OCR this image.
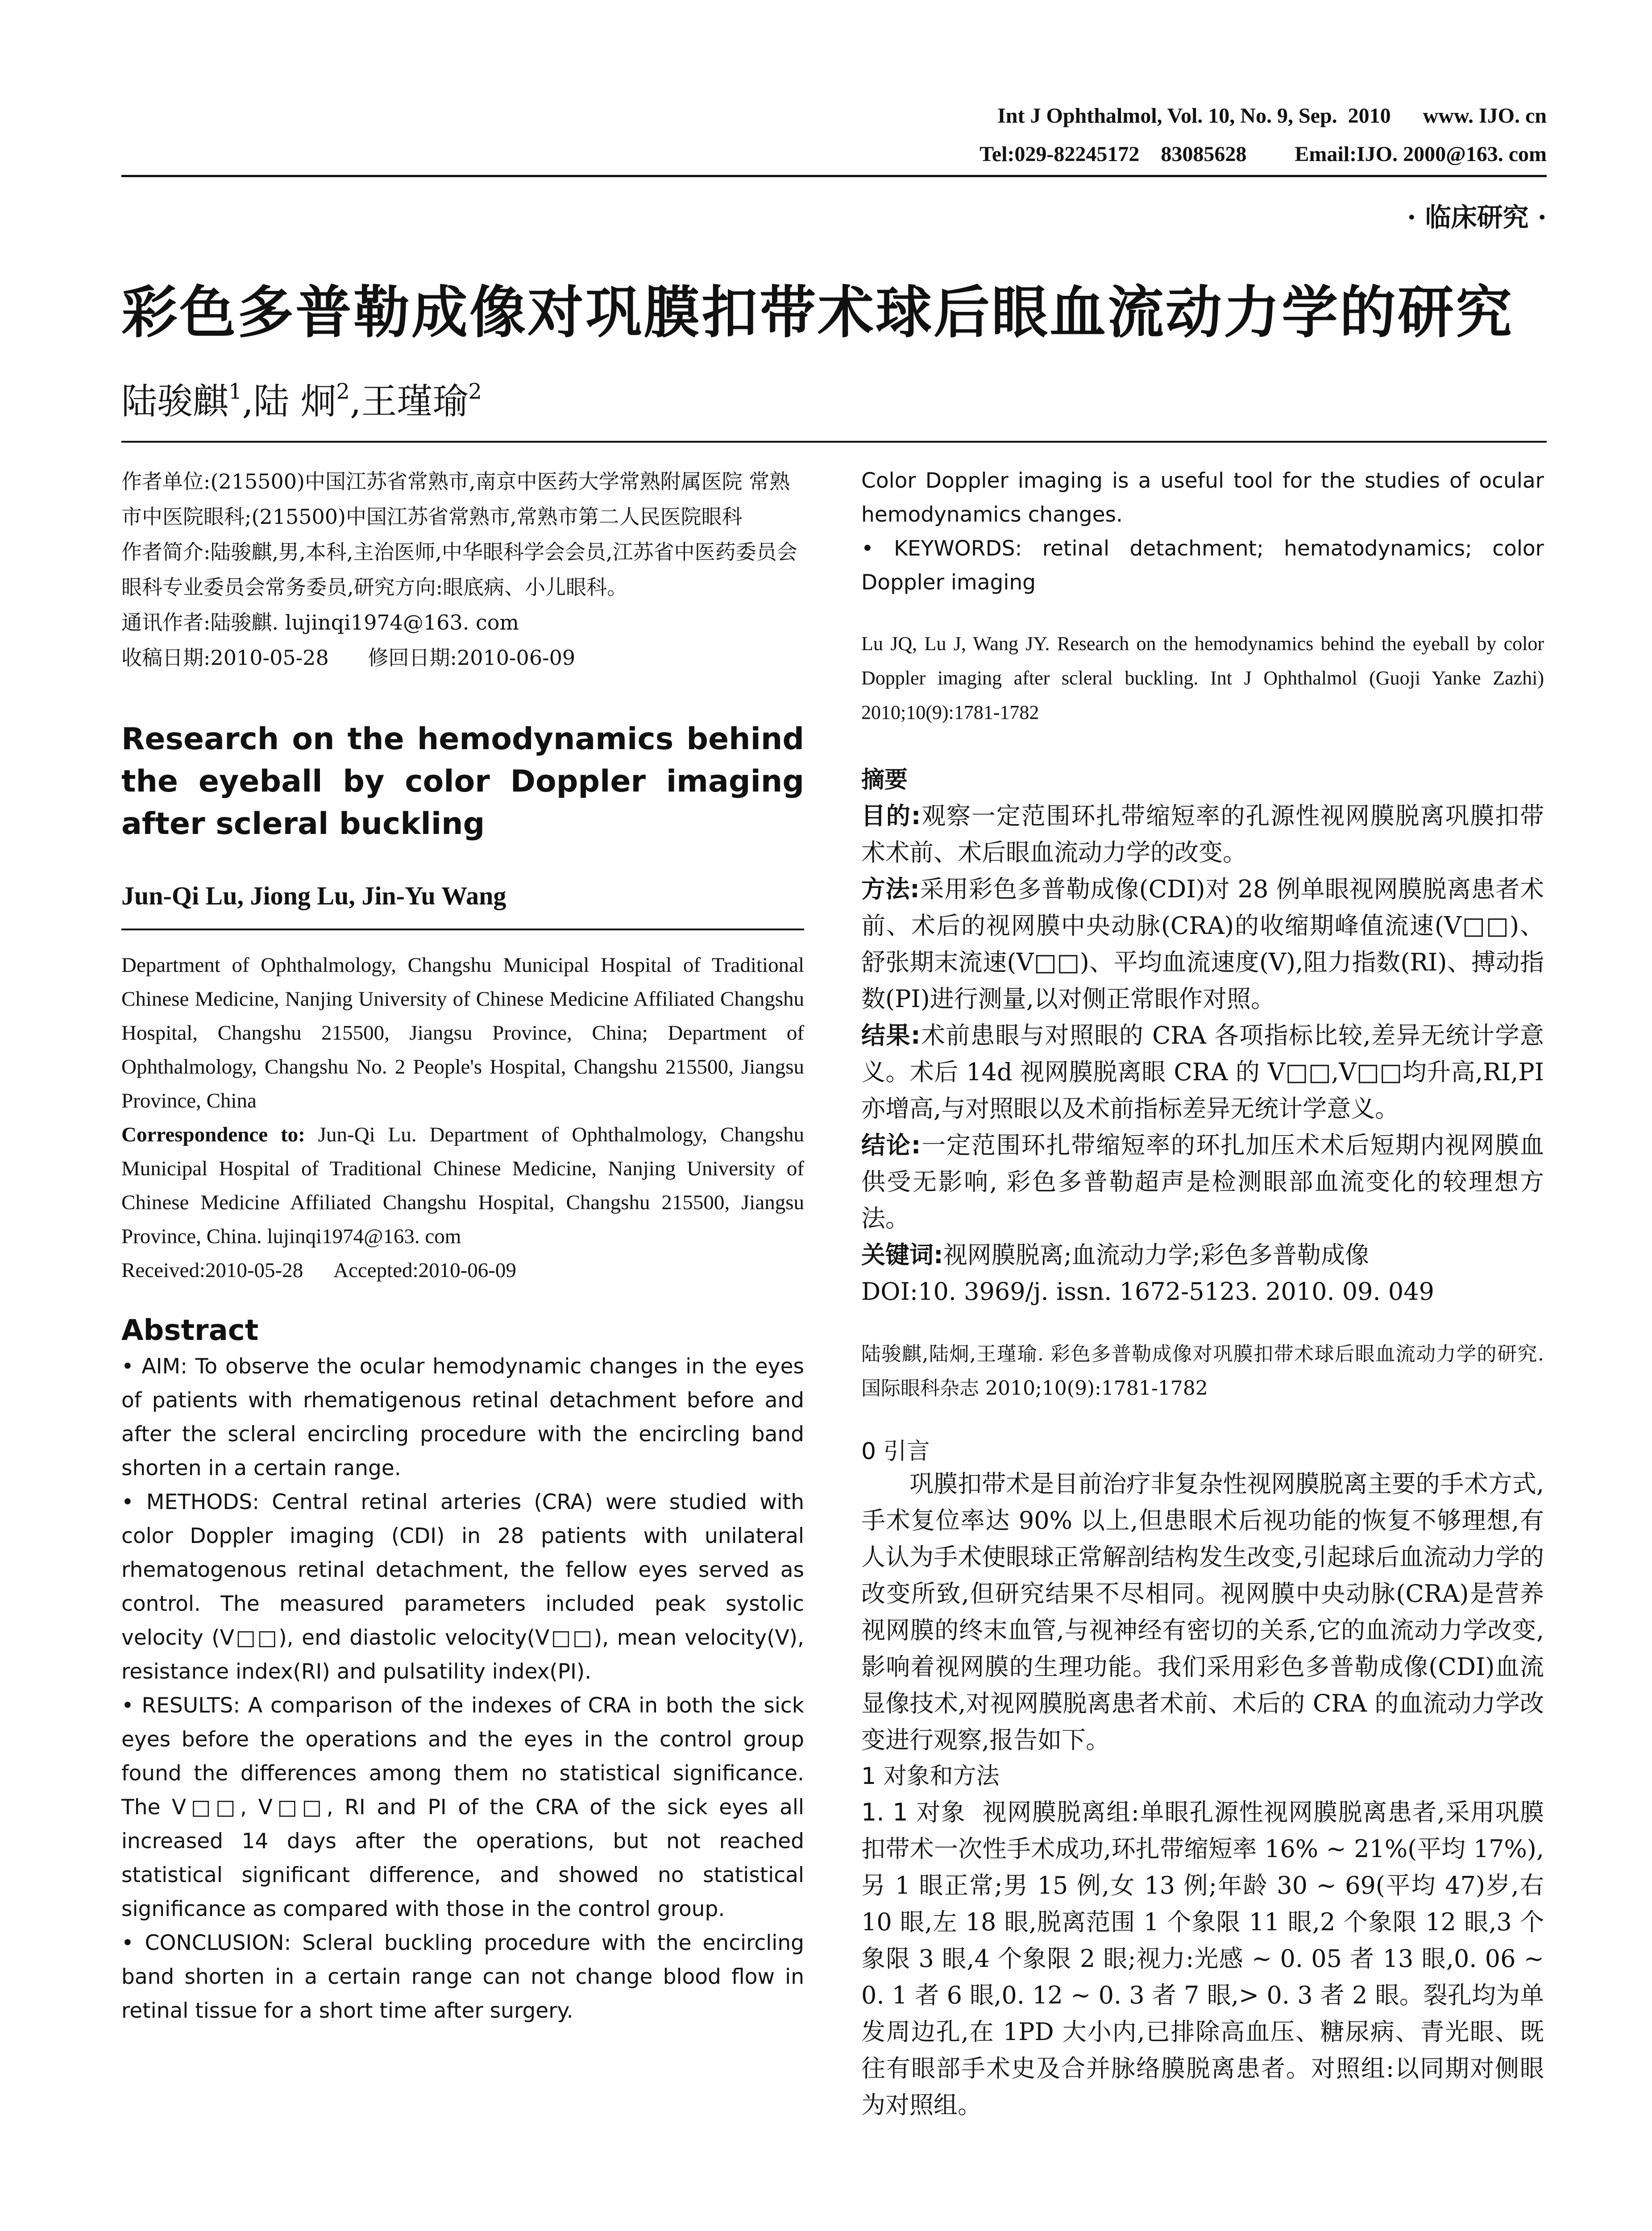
Int J Ophthalmol, Vol. 10, No. 9, Sep.  2010      www. IJO. cn
Tel:029-82245172    83085628         Email:IJO. 2000@163. com
· 临床研究 ·
彩色多普勒成像对巩膜扣带术球后眼血流动力学的研究
陆骏麒$^1$,陆 炯$^2$,王瑾瑜$^2$

作者单位:(215500)中国江苏省常熟市,南京中医药大学常熟附属医院 常熟市中医院眼科;(215500)中国江苏省常熟市,常熟市第二人民医院眼科

作者简介:陆骏麒,男,本科,主治医师,中华眼科学会会员,江苏省中医药委员会眼科专业委员会常务委员,研究方向:眼底病、小儿眼科。

通讯作者:陆骏麒. lujinqi1974@163. com

收稿日期:2010-05-28      修回日期:2010-06-09

Research on the hemodynamics behind the eyeball by color Doppler imaging after scleral buckling

Jun-Qi Lu, Jiong Lu, Jin-Yu Wang

Department of Ophthalmology, Changshu Municipal Hospital of Traditional Chinese Medicine, Nanjing University of Chinese Medicine Affiliated Changshu Hospital, Changshu 215500, Jiangsu Province, China; Department of Ophthalmology, Changshu No. 2 People's Hospital, Changshu 215500, Jiangsu Province, China

Correspondence to: Jun-Qi Lu. Department of Ophthalmology, Changshu Municipal Hospital of Traditional Chinese Medicine, Nanjing University of Chinese Medicine Affiliated Changshu Hospital, Changshu 215500, Jiangsu Province, China. lujinqi1974@163. com

Received:2010-05-28      Accepted:2010-06-09

Abstract

• AIM: To observe the ocular hemodynamic changes in the eyes of patients with rhematigenous retinal detachment before and after the scleral encircling procedure with the encircling band shorten in a certain range.

• METHODS: Central retinal arteries (CRA) were studied with color Doppler imaging (CDI) in 28 patients with unilateral rhematogenous retinal detachment, the fellow eyes served as control. The measured parameters included peak systolic velocity (V□□), end diastolic velocity(V□□), mean velocity(V), resistance index(RI) and pulsatility index(PI).

• RESULTS: A comparison of the indexes of CRA in both the sick eyes before the operations and the eyes in the control group found the differences among them no statistical significance. The V□□, V□□, RI and PI of the CRA of the sick eyes all increased 14 days after the operations, but not reached statistical significant difference, and showed no statistical significance as compared with those in the control group.

• CONCLUSION: Scleral buckling procedure with the encircling band shorten in a certain range can not change blood flow in retinal tissue for a short time after surgery.

Color Doppler imaging is a useful tool for the studies of ocular hemodynamics changes.

• KEYWORDS: retinal detachment; hematodynamics; color Doppler imaging

Lu JQ, Lu J, Wang JY. Research on the hemodynamics behind the eyeball by color Doppler imaging after scleral buckling. Int J Ophthalmol (Guoji Yanke Zazhi) 2010;10(9):1781-1782

摘要

目的:观察一定范围环扎带缩短率的孔源性视网膜脱离巩膜扣带术术前、术后眼血流动力学的改变。

方法:采用彩色多普勒成像(CDI)对 28 例单眼视网膜脱离患者术前、术后的视网膜中央动脉(CRA)的收缩期峰值流速(V□□)、舒张期末流速(V□□)、平均血流速度(V),阻力指数(RI)、搏动指数(PI)进行测量,以对侧正常眼作对照。

结果:术前患眼与对照眼的 CRA 各项指标比较,差异无统计学意义。术后 14d 视网膜脱离眼 CRA 的 V□□,V□□均升高,RI,PI 亦增高,与对照眼以及术前指标差异无统计学意义。

结论:一定范围环扎带缩短率的环扎加压术术后短期内视网膜血供受无影响, 彩色多普勒超声是检测眼部血流变化的较理想方法。

关键词:视网膜脱离;血流动力学;彩色多普勒成像

DOI:10. 3969/j. issn. 1672-5123. 2010. 09. 049

陆骏麒,陆炯,王瑾瑜. 彩色多普勒成像对巩膜扣带术球后眼血流动力学的研究. 国际眼科杂志 2010;10(9):1781-1782

0 引言

巩膜扣带术是目前治疗非复杂性视网膜脱离主要的手术方式,手术复位率达 90% 以上,但患眼术后视功能的恢复不够理想,有人认为手术使眼球正常解剖结构发生改变,引起球后血流动力学的改变所致,但研究结果不尽相同。视网膜中央动脉(CRA)是营养视网膜的终末血管,与视神经有密切的关系,它的血流动力学改变,影响着视网膜的生理功能。我们采用彩色多普勒成像(CDI)血流显像技术,对视网膜脱离患者术前、术后的 CRA 的血流动力学改变进行观察,报告如下。

1 对象和方法

1. 1 对象 视网膜脱离组:单眼孔源性视网膜脱离患者,采用巩膜扣带术一次性手术成功,环扎带缩短率 16% ~ 21%(平均 17%),另 1 眼正常;男 15 例,女 13 例;年龄 30 ~ 69(平均 47)岁,右 10 眼,左 18 眼,脱离范围 1 个象限 11 眼,2 个象限 12 眼,3 个象限 3 眼,4 个象限 2 眼;视力:光感 ~ 0. 05 者 13 眼,0. 06 ~ 0. 1 者 6 眼,0. 12 ~ 0. 3 者 7 眼,> 0. 3 者 2 眼。裂孔均为单发周边孔,在 1PD 大小内,已排除高血压、糖尿病、青光眼、既往有眼部手术史及合并脉络膜脱离患者。对照组:以同期对侧眼为对照组。
